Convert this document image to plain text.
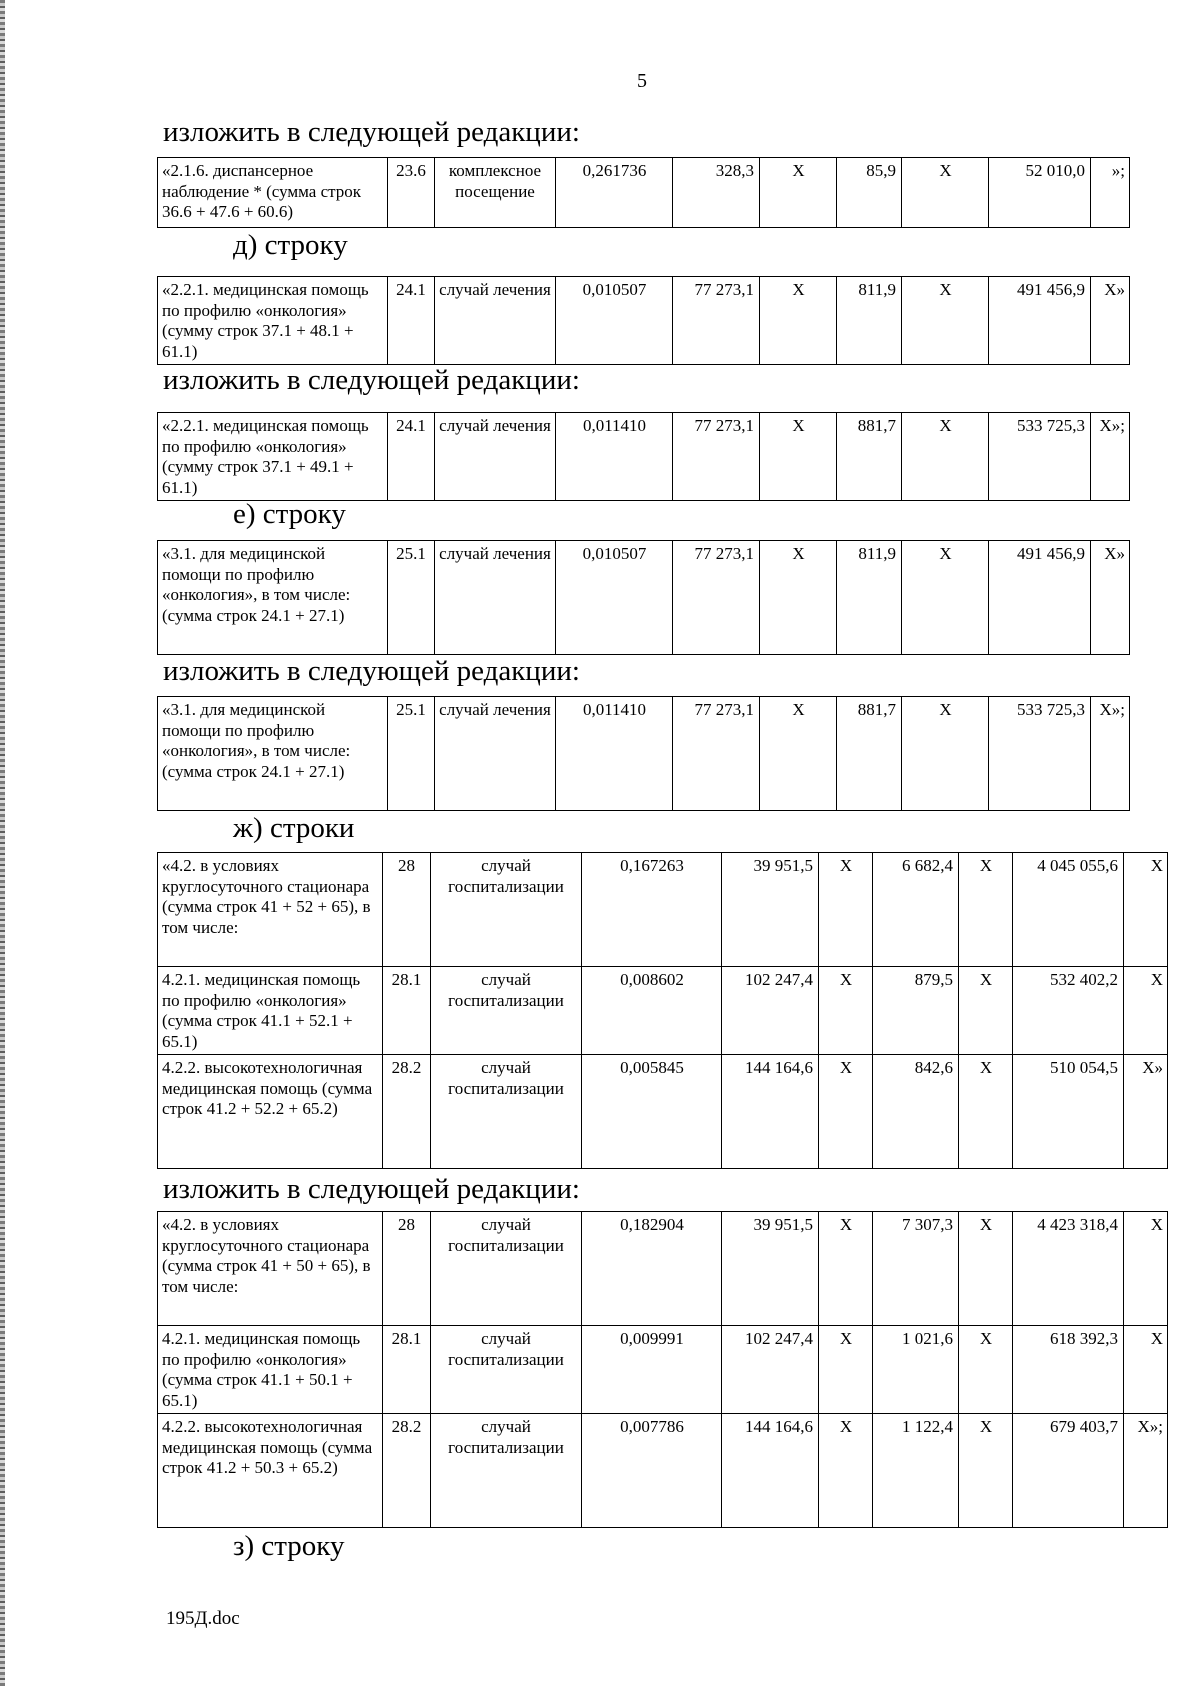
5
изложить в следующей редакции:
«2.1.6. диспансерное наблюдение * (сумма строк 36.6 + 47.6 + 60.6)	23.6	комплексное посещение	0,261736	328,3	X	85,9	X	52 010,0	»;
д) строку
«2.2.1. медицинская помощь по профилю «онкология» (сумму строк 37.1 + 48.1 + 61.1)	24.1	случай лечения	0,010507	77 273,1	X	811,9	X	491 456,9	X»
изложить в следующей редакции:
«2.2.1. медицинская помощь по профилю «онкология» (сумму строк 37.1 + 49.1 + 61.1)	24.1	случай лечения	0,011410	77 273,1	X	881,7	X	533 725,3	X»;
е) строку
«3.1. для медицинской помощи по профилю «онкология», в том числе: (сумма строк 24.1 + 27.1)	25.1	случай лечения	0,010507	77 273,1	X	811,9	X	491 456,9	X»
изложить в следующей редакции:
«3.1. для медицинской помощи по профилю «онкология», в том числе: (сумма строк 24.1 + 27.1)	25.1	случай лечения	0,011410	77 273,1	X	881,7	X	533 725,3	X»;
ж) строки
«4.2. в условиях круглосуточного стационара (сумма строк 41 + 52 + 65), в том числе:	28	случай госпитализации	0,167263	39 951,5	X	6 682,4	X	4 045 055,6	X
4.2.1. медицинская помощь по профилю «онкология» (сумма строк 41.1 + 52.1 + 65.1)	28.1	случай госпитализации	0,008602	102 247,4	X	879,5	X	532 402,2	X
4.2.2. высокотехнологичная медицинская помощь (сумма строк 41.2 + 52.2 + 65.2)	28.2	случай госпитализации	0,005845	144 164,6	X	842,6	X	510 054,5	X»
изложить в следующей редакции:
«4.2. в условиях круглосуточного стационара (сумма строк 41 + 50 + 65), в том числе:	28	случай госпитализации	0,182904	39 951,5	X	7 307,3	X	4 423 318,4	X
4.2.1. медицинская помощь по профилю «онкология» (сумма строк 41.1 + 50.1 + 65.1)	28.1	случай госпитализации	0,009991	102 247,4	X	1 021,6	X	618 392,3	X
4.2.2. высокотехнологичная медицинская помощь (сумма строк 41.2 + 50.3 + 65.2)	28.2	случай госпитализации	0,007786	144 164,6	X	1 122,4	X	679 403,7	X»;
з) строку
195Д.doc
